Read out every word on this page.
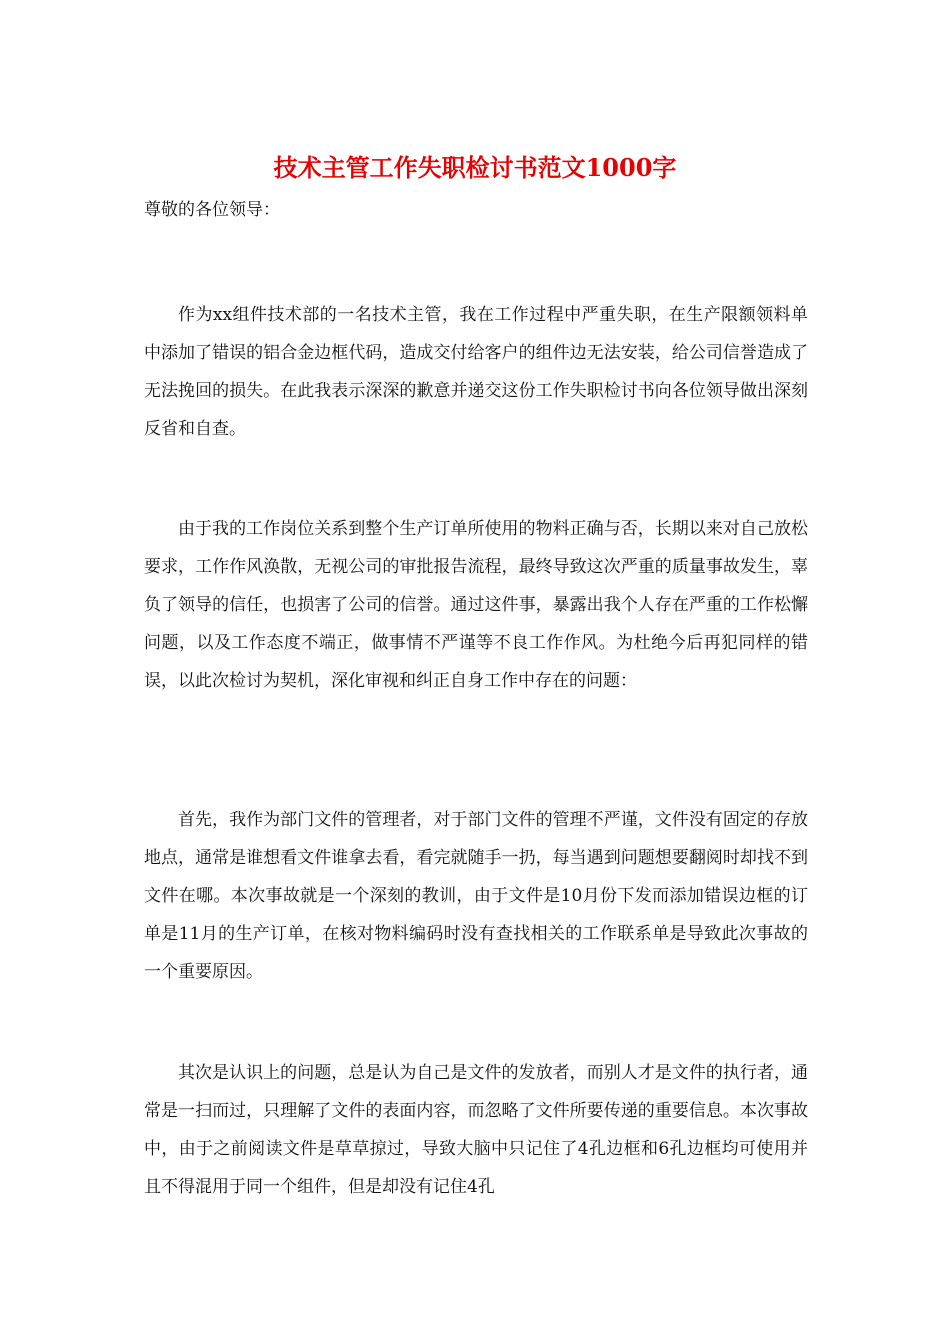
技术主管工作失职检讨书范文1000字

尊敬的各位领导：

作为xx组件技术部的一名技术主管，我在工作过程中严重失职，在生产限额领料单中添加了错误的铝合金边框代码，造成交付给客户的组件边无法安装，给公司信誉造成了无法挽回的损失。在此我表示深深的歉意并递交这份工作失职检讨书向各位领导做出深刻反省和自查。

由于我的工作岗位关系到整个生产订单所使用的物料正确与否，长期以来对自己放松要求，工作作风涣散，无视公司的审批报告流程，最终导致这次严重的质量事故发生，辜负了领导的信任，也损害了公司的信誉。通过这件事，暴露出我个人存在严重的工作松懈问题，以及工作态度不端正，做事情不严谨等不良工作作风。为杜绝今后再犯同样的错误，以此次检讨为契机，深化审视和纠正自身工作中存在的问题：

首先，我作为部门文件的管理者，对于部门文件的管理不严谨，文件没有固定的存放地点，通常是谁想看文件谁拿去看，看完就随手一扔，每当遇到问题想要翻阅时却找不到文件在哪。本次事故就是一个深刻的教训，由于文件是10月份下发而添加错误边框的订单是11月的生产订单，在核对物料编码时没有查找相关的工作联系单是导致此次事故的一个重要原因。

其次是认识上的问题，总是认为自己是文件的发放者，而别人才是文件的执行者，通常是一扫而过，只理解了文件的表面内容，而忽略了文件所要传递的重要信息。本次事故中，由于之前阅读文件是草草掠过，导致大脑中只记住了4孔边框和6孔边框均可使用并且不得混用于同一个组件，但是却没有记住4孔
